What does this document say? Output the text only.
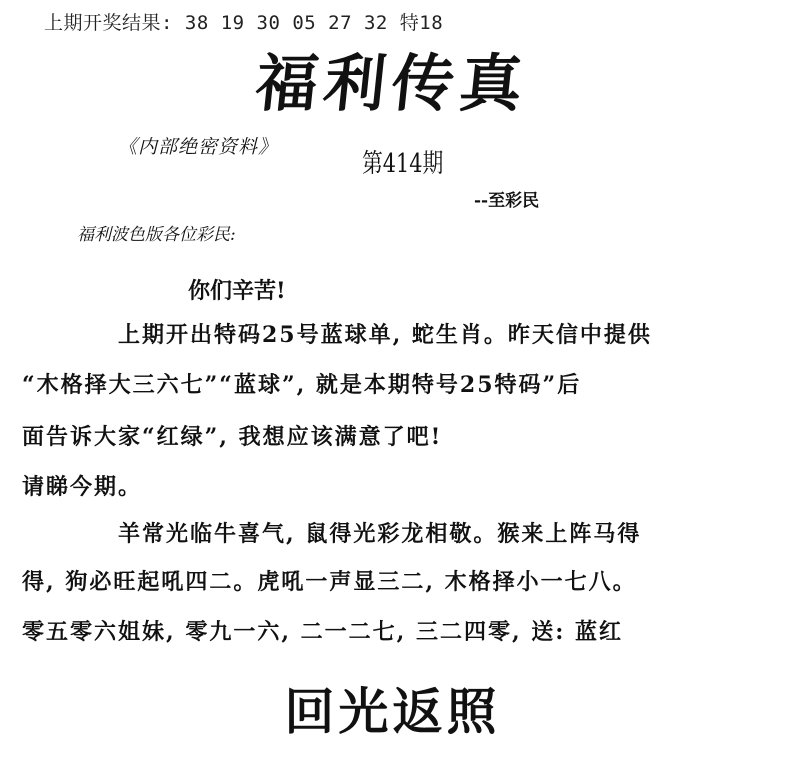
上期开奖结果: 38 19 30 05 27 32 特18
福利传真
《内部绝密资料》
第414期
--至彩民
福利波色版各位彩民:
你们辛苦!
上期开出特码25号蓝球单, 蛇生肖。昨天信中提供
“木格择大三六七”“蓝球”, 就是本期特号25特码”后
面告诉大家“红绿”, 我想应该满意了吧!
请睇今期。
羊常光临牛喜气, 鼠得光彩龙相敬。猴来上阵马得
得, 狗必旺起吼四二。虎吼一声显三二, 木格择小一七八。
零五零六姐妹, 零九一六, 二一二七, 三二四零, 送: 蓝红
回光返照
